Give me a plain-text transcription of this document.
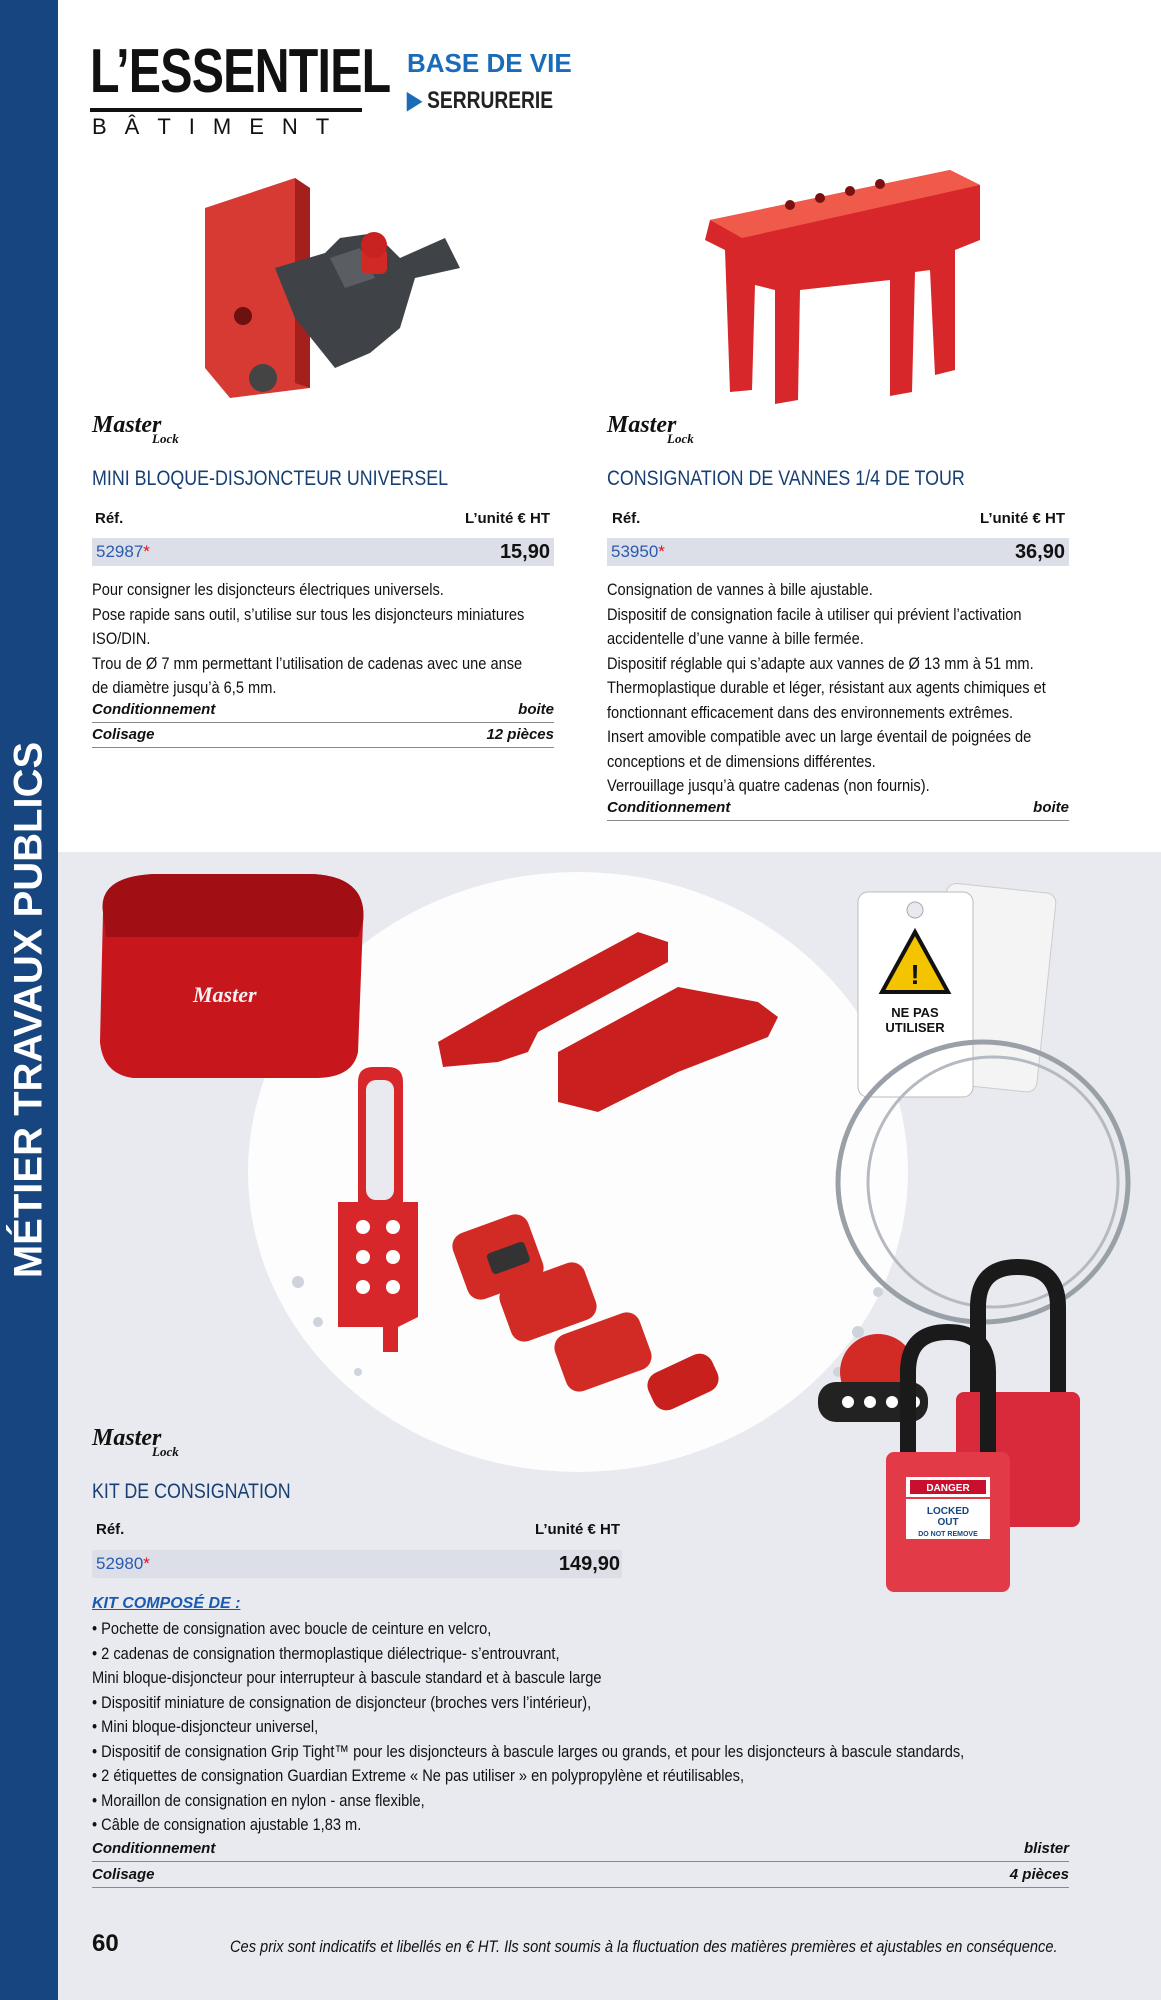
MÉTIER TRAVAUX PUBLICS
L’ESSENTIEL
BÂTIMENT
BASE DE VIE
▶ SERRURERIE
Master
Lock
MINI BLOQUE-DISJONCTEUR UNIVERSEL
Réf.	L’unité € HT
52987*	15,90
Pour consigner les disjoncteurs électriques universels.
Pose rapide sans outil, s’utilise sur tous les disjoncteurs miniatures
ISO/DIN.
Trou de Ø 7 mm permettant l’utilisation de cadenas avec une anse
de diamètre jusqu’à 6,5 mm.
Conditionnement	boite
Colisage	12 pièces
Master
Lock
CONSIGNATION DE VANNES 1/4 DE TOUR
Réf.	L’unité € HT
53950*	36,90
Consignation de vannes à bille ajustable.
Dispositif de consignation facile à utiliser qui prévient l’activation
accidentelle d’une vanne à bille fermée.
Dispositif réglable qui s’adapte aux vannes de Ø 13 mm à 51 mm.
Thermoplastique durable et léger, résistant aux agents chimiques et
fonctionnant efficacement dans des environnements extrêmes.
Insert amovible compatible avec un large éventail de poignées de
conceptions et de dimensions différentes.
Verrouillage jusqu’à quatre cadenas (non fournis).
Conditionnement	boite
Master
!
NE PAS
UTILISER
DANGER
LOCKED
OUT
DO NOT REMOVE
Master
Lock
KIT DE CONSIGNATION
Réf.	L’unité € HT
52980*	149,90
KIT COMPOSÉ DE :
• Pochette de consignation avec boucle de ceinture en velcro,
• 2 cadenas de consignation thermoplastique diélectrique- s’entrouvrant,
Mini bloque-disjoncteur pour interrupteur à bascule standard et à bascule large
• Dispositif miniature de consignation de disjoncteur (broches vers l’intérieur),
• Mini bloque-disjoncteur universel,
• Dispositif de consignation Grip Tight™ pour les disjoncteurs à bascule larges ou grands, et pour les disjoncteurs à bascule standards,
• 2 étiquettes de consignation Guardian Extreme « Ne pas utiliser » en polypropylène et réutilisables,
• Moraillon de consignation en nylon - anse flexible,
• Câble de consignation ajustable 1,83 m.
Conditionnement	blister
Colisage	4 pièces
60	Ces prix sont indicatifs et libellés en € HT. Ils sont soumis à la fluctuation des matières premières et ajustables en conséquence.
